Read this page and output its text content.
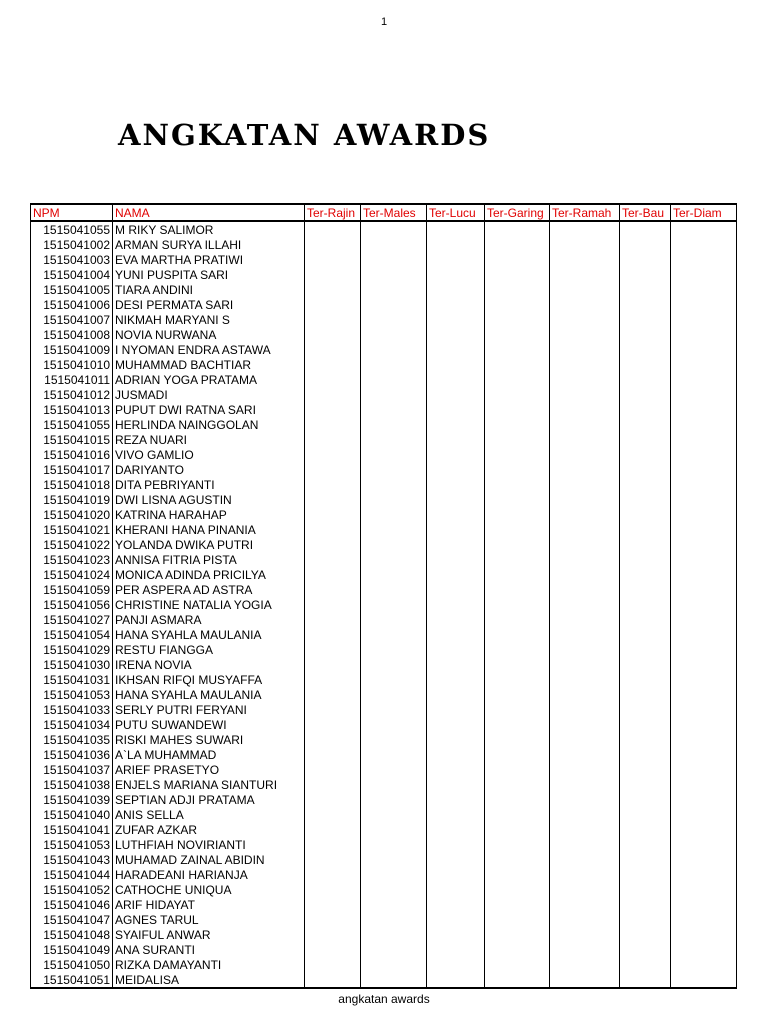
1
ANGKATAN AWARDS
NPM	NAMA	Ter-Rajin	Ter-Males	Ter-Lucu	Ter-Garing	Ter-Ramah	Ter-Bau	Ter-Diam
1515041055	M RIKY SALIMOR							
1515041002	ARMAN SURYA ILLAHI							
1515041003	EVA MARTHA PRATIWI							
1515041004	YUNI PUSPITA SARI							
1515041005	TIARA ANDINI							
1515041006	DESI PERMATA SARI							
1515041007	NIKMAH MARYANI S							
1515041008	NOVIA NURWANA							
1515041009	I NYOMAN ENDRA ASTAWA							
1515041010	MUHAMMAD BACHTIAR							
1515041011	ADRIAN YOGA PRATAMA							
1515041012	JUSMADI							
1515041013	PUPUT DWI RATNA SARI							
1515041055	HERLINDA NAINGGOLAN							
1515041015	REZA NUARI							
1515041016	VIVO GAMLIO							
1515041017	DARIYANTO							
1515041018	DITA PEBRIYANTI							
1515041019	DWI LISNA AGUSTIN							
1515041020	KATRINA HARAHAP							
1515041021	KHERANI HANA PINANIA							
1515041022	YOLANDA DWIKA PUTRI							
1515041023	ANNISA FITRIA PISTA							
1515041024	MONICA ADINDA PRICILYA							
1515041059	PER ASPERA AD ASTRA							
1515041056	CHRISTINE NATALIA YOGIA							
1515041027	PANJI ASMARA							
1515041054	HANA SYAHLA MAULANIA							
1515041029	RESTU FIANGGA							
1515041030	IRENA NOVIA							
1515041031	IKHSAN RIFQI MUSYAFFA							
1515041053	HANA SYAHLA MAULANIA							
1515041033	SERLY PUTRI FERYANI							
1515041034	PUTU SUWANDEWI							
1515041035	RISKI MAHES SUWARI							
1515041036	A`LA MUHAMMAD							
1515041037	ARIEF PRASETYO							
1515041038	ENJELS MARIANA SIANTURI							
1515041039	SEPTIAN ADJI PRATAMA							
1515041040	ANIS SELLA							
1515041041	ZUFAR AZKAR							
1515041053	LUTHFIAH NOVIRIANTI							
1515041043	MUHAMAD ZAINAL ABIDIN							
1515041044	HARADEANI HARIANJA							
1515041052	CATHOCHE UNIQUA							
1515041046	ARIF HIDAYAT							
1515041047	AGNES TARUL							
1515041048	SYAIFUL ANWAR							
1515041049	ANA SURANTI							
1515041050	RIZKA DAMAYANTI							
1515041051	MEIDALISA							
angkatan awards
